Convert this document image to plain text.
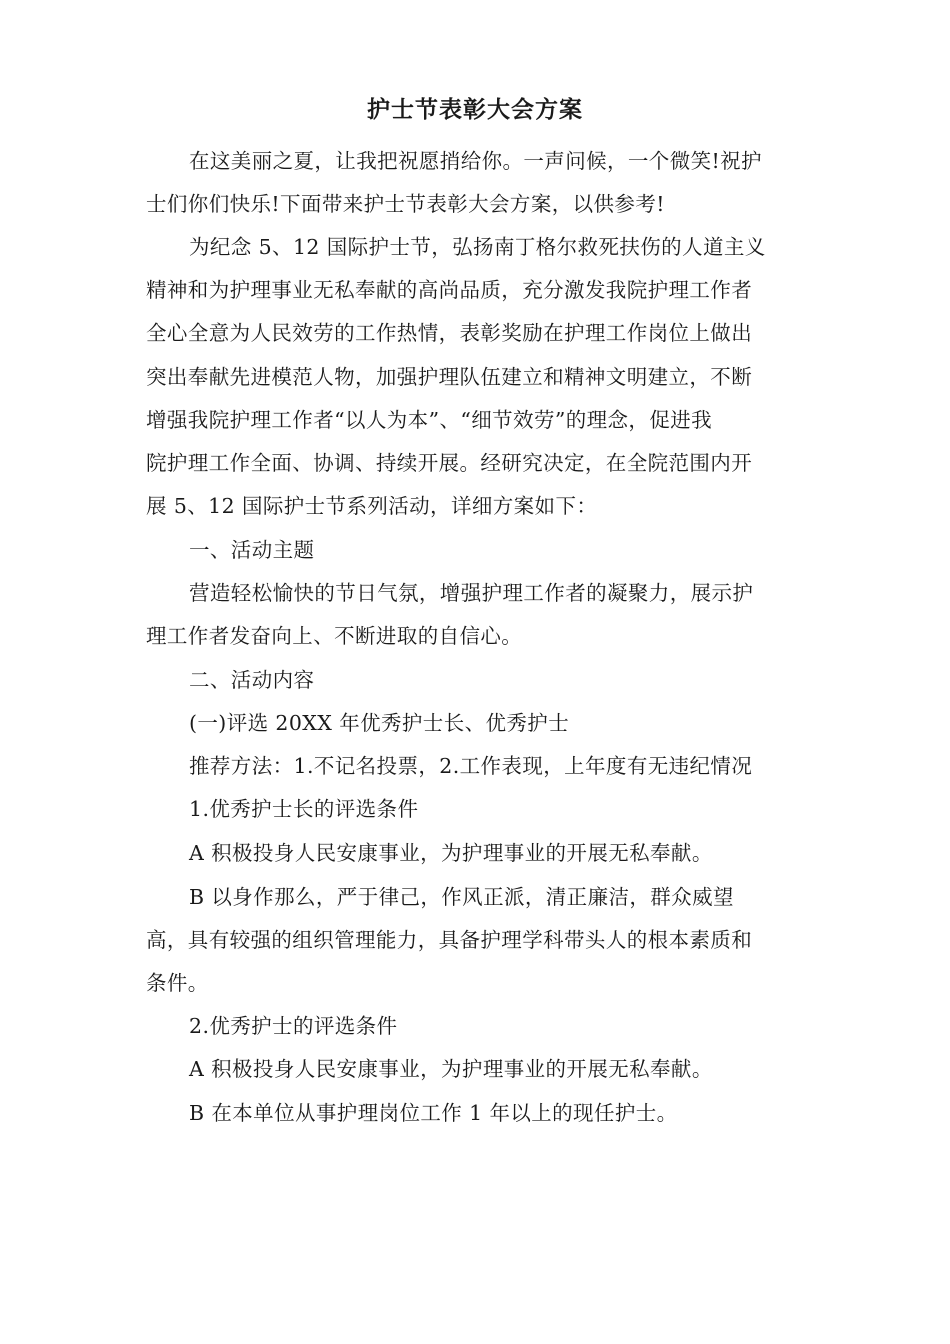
护士节表彰大会方案
在这美丽之夏，让我把祝愿捎给你。一声问候，一个微笑!祝护
士们你们快乐!下面带来护士节表彰大会方案，以供参考!
为纪念 5、12 国际护士节，弘扬南丁格尔救死扶伤的人道主义
精神和为护理事业无私奉献的高尚品质，充分激发我院护理工作者
全心全意为人民效劳的工作热情，表彰奖励在护理工作岗位上做出
突出奉献先进模范人物，加强护理队伍建立和精神文明建立，不断
增强我院护理工作者“以人为本”、“细节效劳”的理念，促进我
院护理工作全面、协调、持续开展。经研究决定，在全院范围内开
展 5、12 国际护士节系列活动，详细方案如下：
一、活动主题
营造轻松愉快的节日气氛，增强护理工作者的凝聚力，展示护
理工作者发奋向上、不断进取的自信心。
二、活动内容
(一)评选 20XX 年优秀护士长、优秀护士
推荐方法：1.不记名投票，2.工作表现，上年度有无违纪情况
1.优秀护士长的评选条件
A 积极投身人民安康事业，为护理事业的开展无私奉献。
B 以身作那么，严于律己，作风正派，清正廉洁，群众威望
高，具有较强的组织管理能力，具备护理学科带头人的根本素质和
条件。
2.优秀护士的评选条件
A 积极投身人民安康事业，为护理事业的开展无私奉献。
B 在本单位从事护理岗位工作 1 年以上的现任护士。
